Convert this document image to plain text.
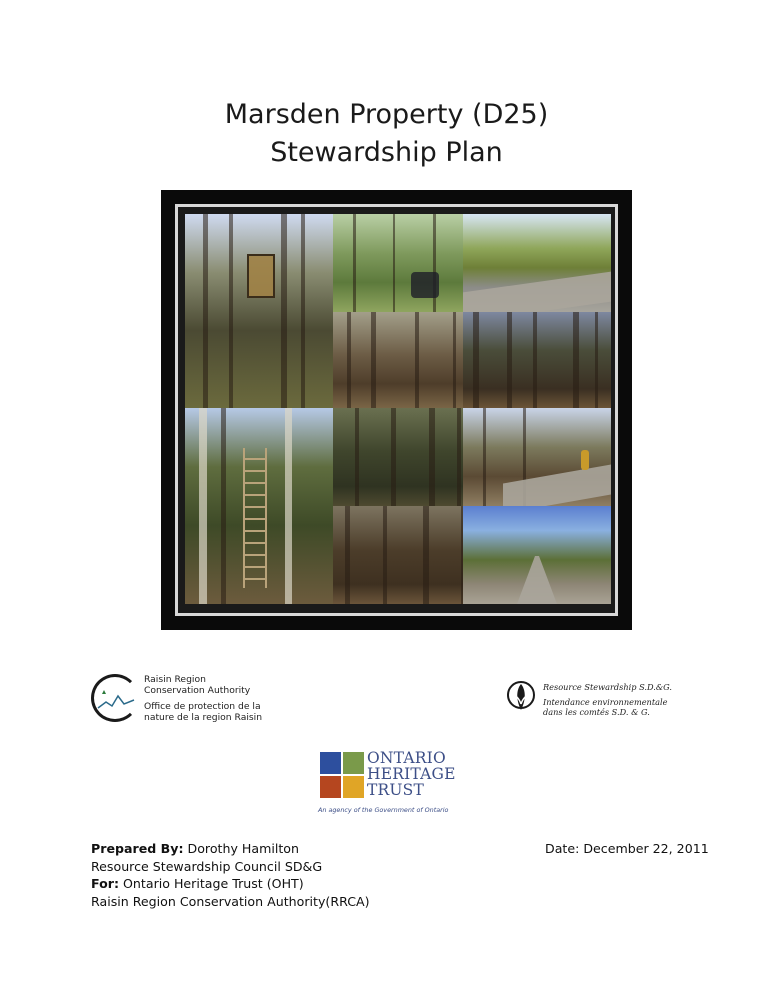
Marsden Property (D25)
Stewardship Plan
Raisin Region
Conservation Authority
Office de protection de la
nature de la region Raisin
Resource Stewardship S.D.&G.
Intendance environnementale
dans les comtés S.D. & G.
ONTARIO
HERITAGE
TRUST
An agency of the Government of Ontario
Prepared By: Dorothy Hamilton
Resource Stewardship Council SD&G
For: Ontario Heritage Trust (OHT)
Raisin Region Conservation Authority(RRCA)
Date: December 22, 2011
